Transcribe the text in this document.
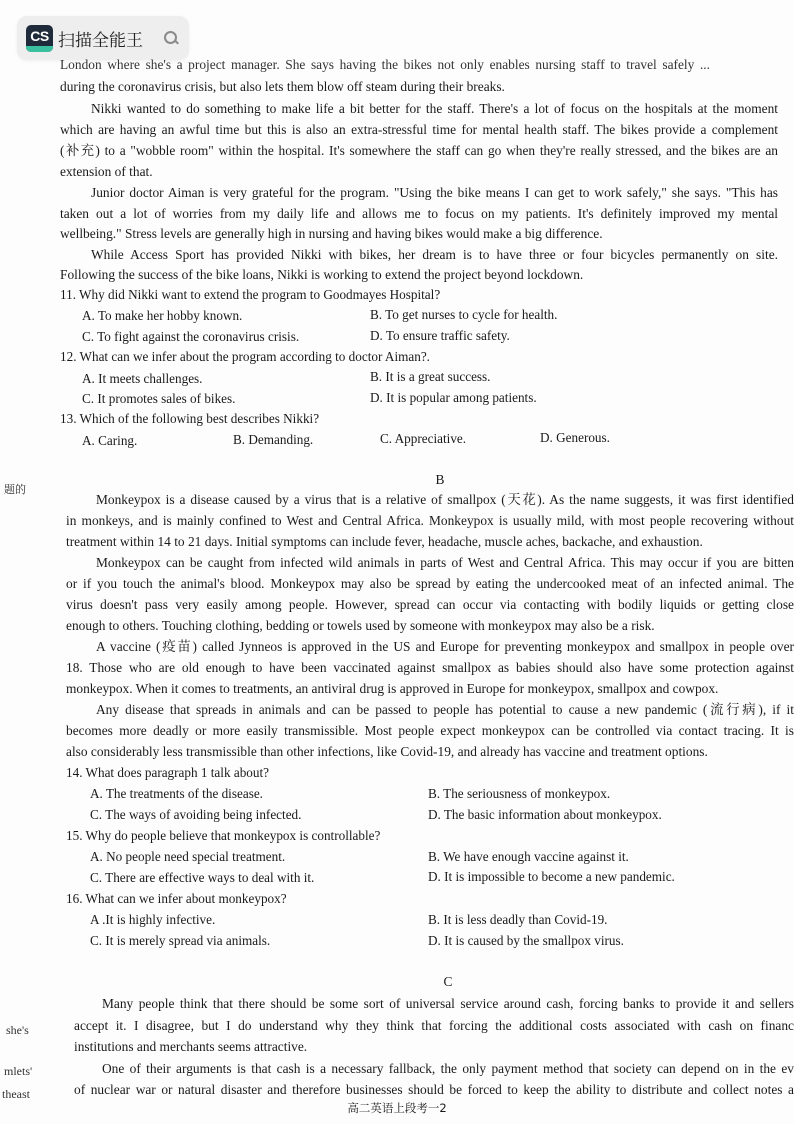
CS 扫描全能王
London where she's a project manager. She says having the bikes not only enables nursing staff to travel safely ...
during the coronavirus crisis, but also lets them blow off steam during their breaks.
Nikki wanted to do something to make life a bit better for the staff. There's a lot of focus on the hospitals at the moment
which are having an awful time but this is also an extra-stressful time for mental health staff. The bikes provide a complement
(补充) to a "wobble room" within the hospital. It's somewhere the staff can go when they're really stressed, and the bikes are an
extension of that.
Junior doctor Aiman is very grateful for the program. "Using the bike means I can get to work safely," she says. "This has
taken out a lot of worries from my daily life and allows me to focus on my patients. It's definitely improved my mental
wellbeing." Stress levels are generally high in nursing and having bikes would make a big difference.
While Access Sport has provided Nikki with bikes, her dream is to have three or four bicycles permanently on site.
Following the success of the bike loans, Nikki is working to extend the project beyond lockdown.
11. Why did Nikki want to extend the program to Goodmayes Hospital?
A. To make her hobby known.	B. To get nurses to cycle for health.
C. To fight against the coronavirus crisis.	D. To ensure traffic safety.
12. What can we infer about the program according to doctor Aiman?.
A. It meets challenges.	B. It is a great success.
C. It promotes sales of bikes.	D. It is popular among patients.
13. Which of the following best describes Nikki?
A. Caring.	B. Demanding.	C. Appreciative.	D. Generous.
B
Monkeypox is a disease caused by a virus that is a relative of smallpox (天花). As the name suggests, it was first identified
in monkeys, and is mainly confined to West and Central Africa. Monkeypox is usually mild, with most people recovering without
treatment within 14 to 21 days. Initial symptoms can include fever, headache, muscle aches, backache, and exhaustion.
Monkeypox can be caught from infected wild animals in parts of West and Central Africa. This may occur if you are bitten
or if you touch the animal's blood. Monkeypox may also be spread by eating the undercooked meat of an infected animal. The
virus doesn't pass very easily among people. However, spread can occur via contacting with bodily liquids or getting close
enough to others. Touching clothing, bedding or towels used by someone with monkeypox may also be a risk.
A vaccine (疫苗) called Jynneos is approved in the US and Europe for preventing monkeypox and smallpox in people over
18. Those who are old enough to have been vaccinated against smallpox as babies should also have some protection against
monkeypox. When it comes to treatments, an antiviral drug is approved in Europe for monkeypox, smallpox and cowpox.
Any disease that spreads in animals and can be passed to people has potential to cause a new pandemic (流行病), if it
becomes more deadly or more easily transmissible. Most people expect monkeypox can be controlled via contact tracing. It is
also considerably less transmissible than other infections, like Covid-19, and already has vaccine and treatment options.
14. What does paragraph 1 talk about?
A. The treatments of the disease.	B. The seriousness of monkeypox.
C. The ways of avoiding being infected.	D. The basic information about monkeypox.
15. Why do people believe that monkeypox is controllable?
A. No people need special treatment.	B. We have enough vaccine against it.
C. There are effective ways to deal with it.	D. It is impossible to become a new pandemic.
16. What can we infer about monkeypox?
A .It is highly infective.	B. It is less deadly than Covid-19.
C. It is merely spread via animals.	D. It is caused by the smallpox virus.
C
Many people think that there should be some sort of universal service around cash, forcing banks to provide it and sellers
accept it. I disagree, but I do understand why they think that forcing the additional costs associated with cash on financ
institutions and merchants seems attractive.
One of their arguments is that cash is a necessary fallback, the only payment method that society can depend on in the ev
of nuclear war or natural disaster and therefore businesses should be forced to keep the ability to distribute and collect notes a
题的
she's
mlets'
theast
高二英语上段考一2
